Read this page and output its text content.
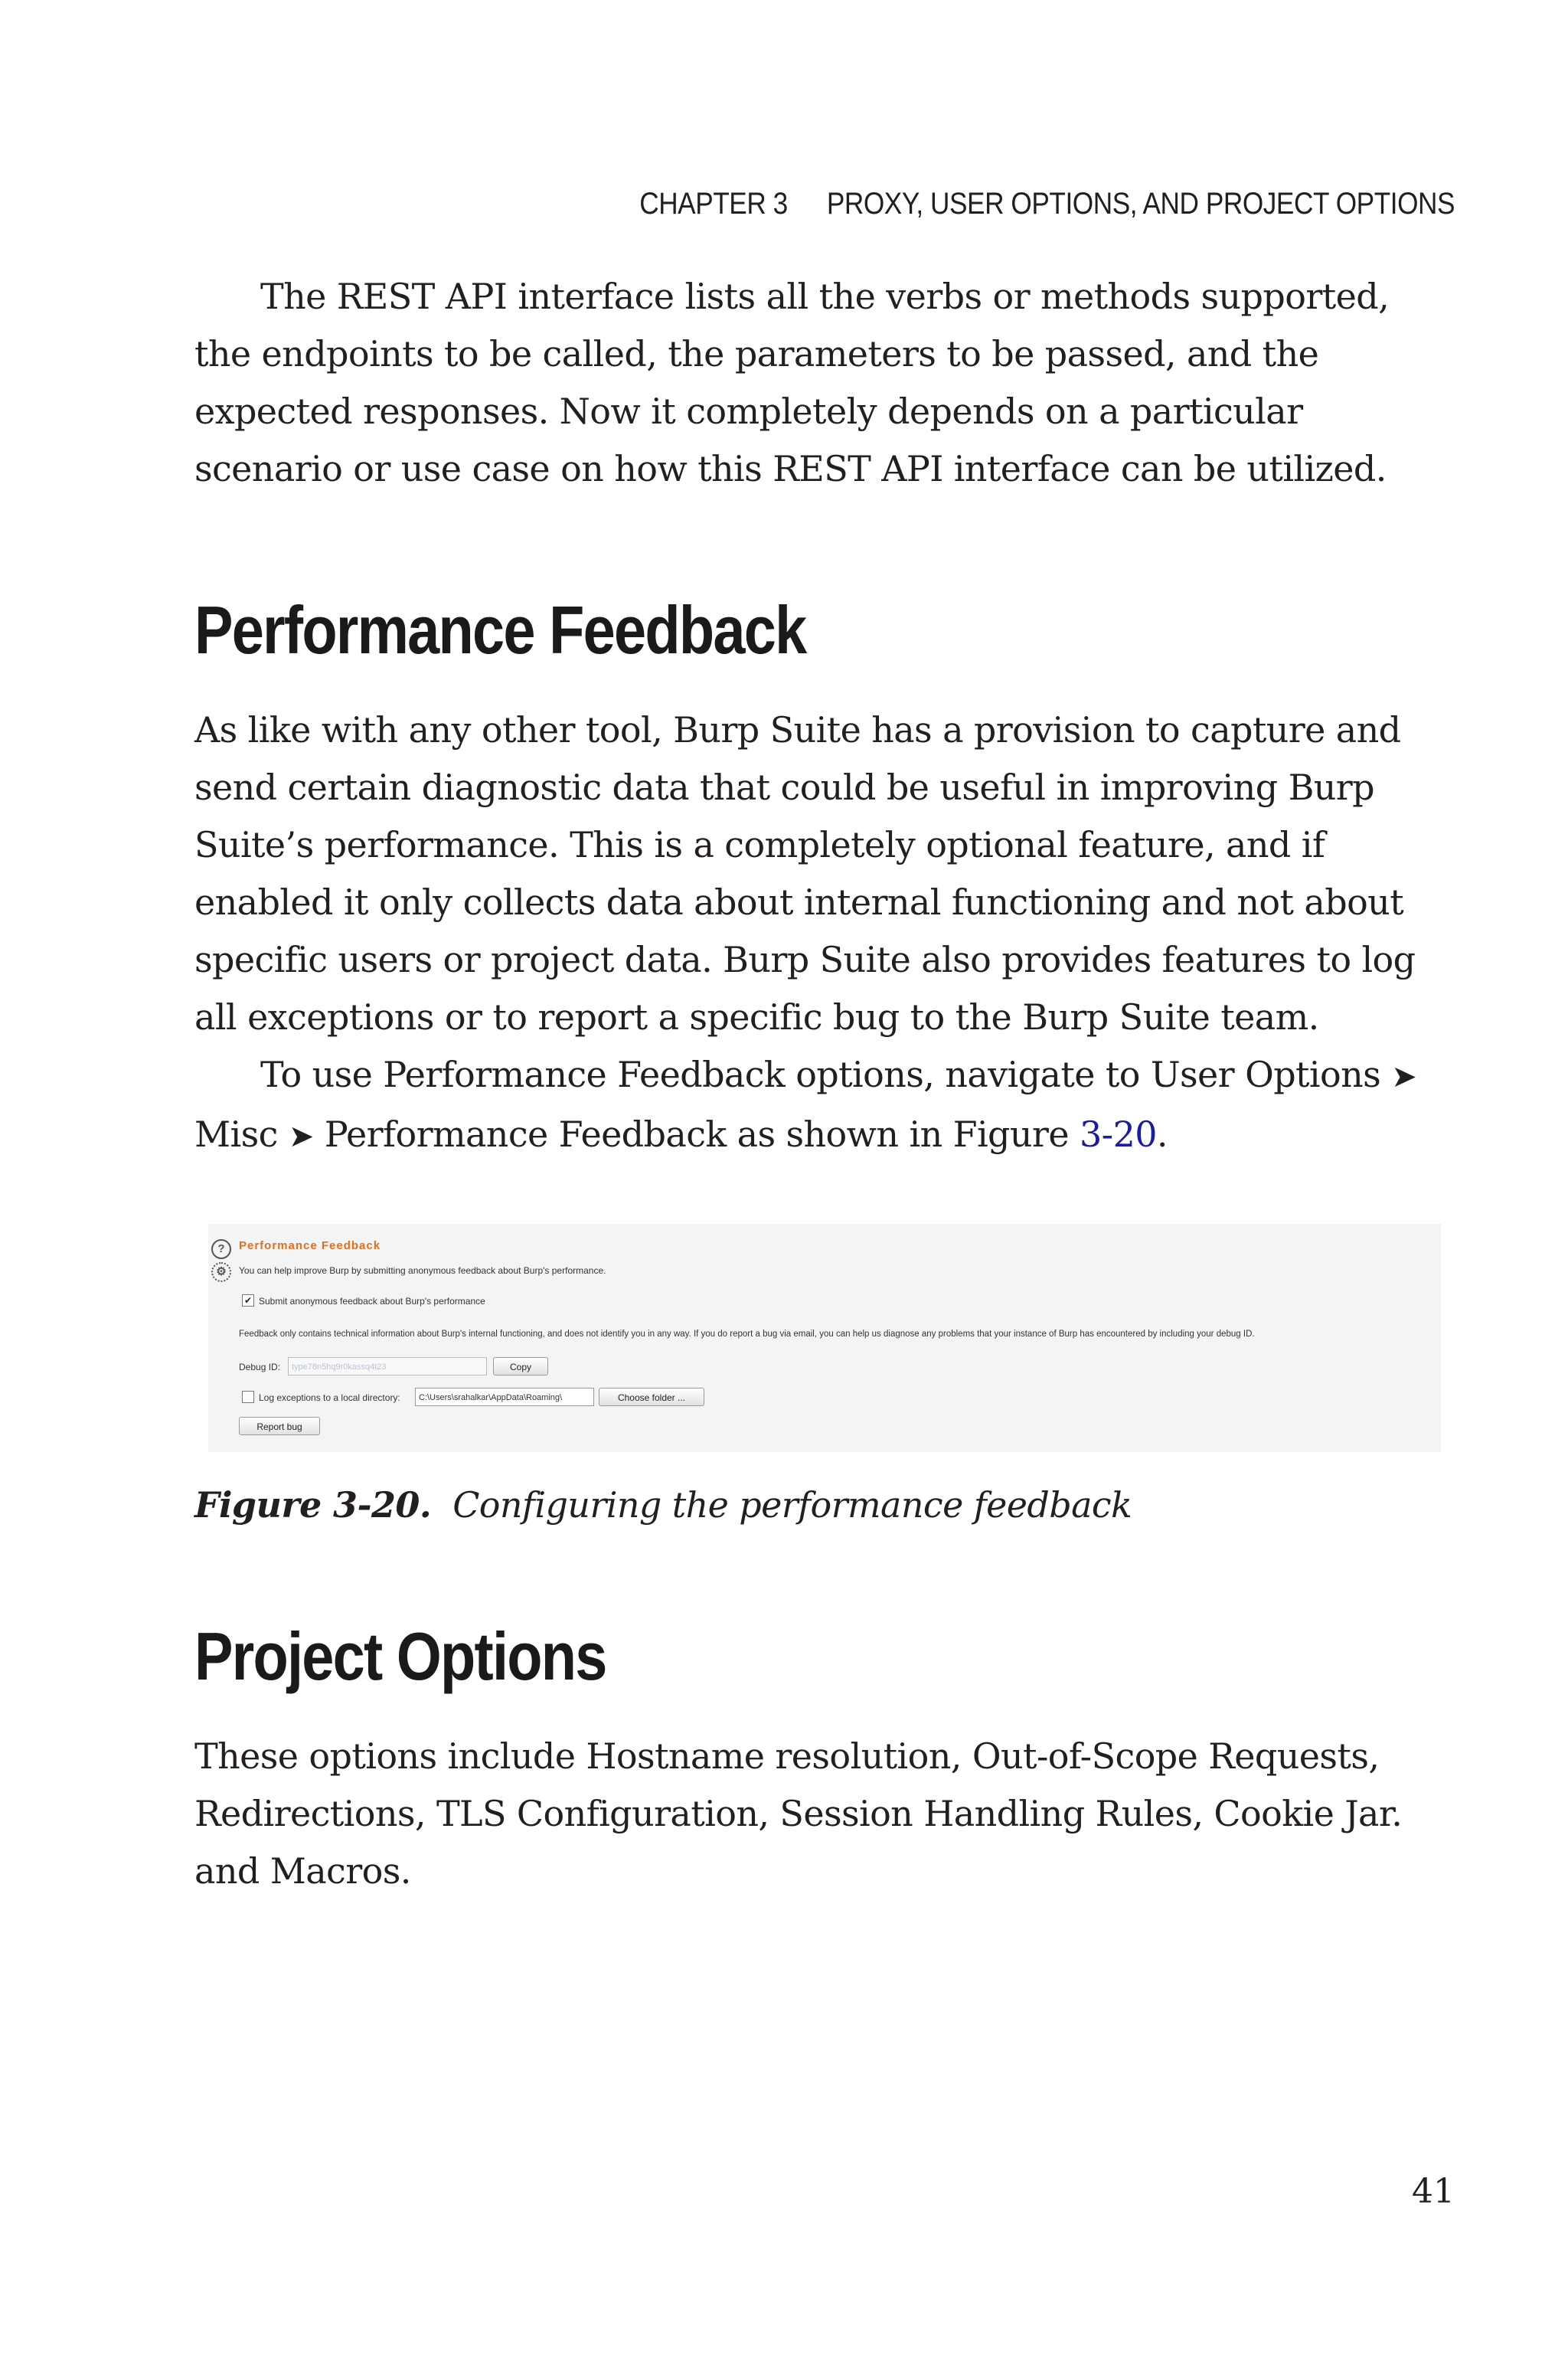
CHAPTER 3 PROXY, USER OPTIONS, AND PROJECT OPTIONS

The REST API interface lists all the verbs or methods supported, the endpoints to be called, the parameters to be passed, and the expected responses. Now it completely depends on a particular scenario or use case on how this REST API interface can be utilized.

Performance Feedback

As like with any other tool, Burp Suite has a provision to capture and send certain diagnostic data that could be useful in improving Burp Suite’s performance. This is a completely optional feature, and if enabled it only collects data about internal functioning and not about specific users or project data. Burp Suite also provides features to log all exceptions or to report a specific bug to the Burp Suite team.

To use Performance Feedback options, navigate to User Options ➤ Misc ➤ Performance Feedback as shown in Figure 3-20.

?
⚙
Performance Feedback
You can help improve Burp by submitting anonymous feedback about Burp's performance.
✔ Submit anonymous feedback about Burp's performance
Feedback only contains technical information about Burp's internal functioning, and does not identify you in any way. If you do report a bug via email, you can help us diagnose any problems that your instance of Burp has encountered by including your debug ID.
Debug ID:	type78n5hq9r0kassq4t23	Copy
Log exceptions to a local directory:	C:\Users\srahalkar\AppData\Roaming\	Choose folder ...
Report bug
Figure 3-20. Configuring the performance feedback
Project Options

These options include Hostname resolution, Out-of-Scope Requests, Redirections, TLS Configuration, Session Handling Rules, Cookie Jar. and Macros.

41
